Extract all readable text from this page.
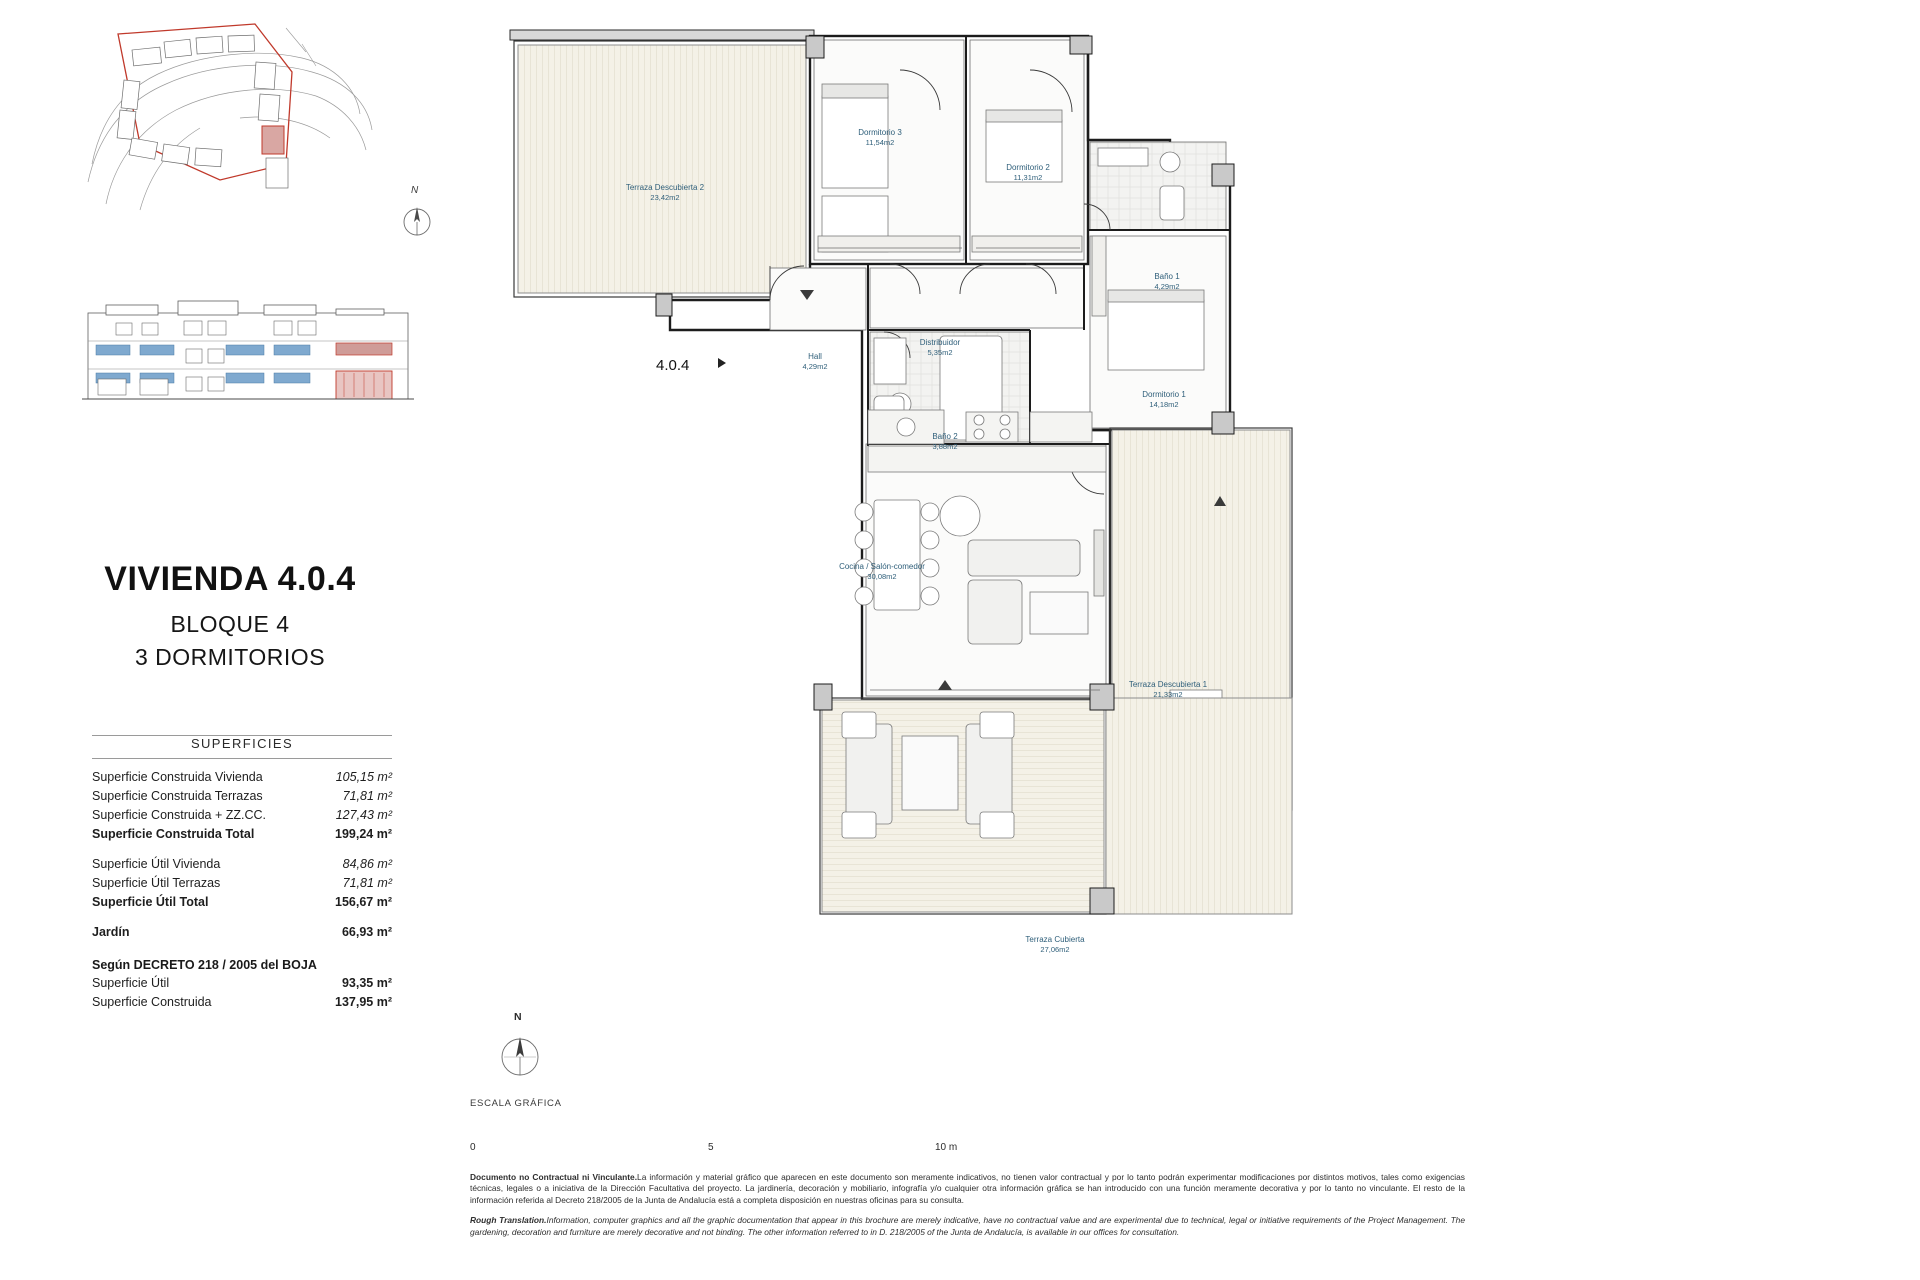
N
VIVIENDA 4.0.4
BLOQUE 4
3 DORMITORIOS
SUPERFICIES
Superficie Construida Vivienda	105,15 m²
Superficie Construida Terrazas	71,81 m²
Superficie Construida + ZZ.CC.	127,43 m²
Superficie Construida Total	199,24 m²
Superficie Útil Vivienda	84,86 m²
Superficie Útil Terrazas	71,81 m²
Superficie Útil Total	156,67 m²
Jardín	66,93 m²
Según DECRETO 218 / 2005 del BOJA
Superficie Útil	93,35 m²
Superficie Construida	137,95 m²
Terraza Descubierta 2
23,42m2
Dormitorio 3
11,54m2
Dormitorio 2
11,31m2
Baño 1
4,29m2
Distribuidor
5,35m2
Hall
4,29m2
Dormitorio 1
14,18m2
Baño 2
3,88m2
Cocina / Salón-comedor
30,08m2
Terraza Descubierta 1
21,33m2
Terraza Cubierta
27,06m2
4.0.4
N
ESCALA GRÁFICA
0	5	10 m

Documento no Contractual ni Vinculante.La información y material gráfico que aparecen en este documento son meramente indicativos, no tienen valor contractual y por lo tanto podrán experimentar modificaciones por distintos motivos, tales como exigencias técnicas, legales o a iniciativa de la Dirección Facultativa del proyecto. La jardinería, decoración y mobiliario, infografía y/o cualquier otra información gráfica se han introducido con una función meramente decorativa y por lo tanto no vinculante. El resto de la información referida al Decreto 218/2005 de la Junta de Andalucía está a completa disposición en nuestras oficinas para su consulta.

Rough Translation.Information, computer graphics and all the graphic documentation that appear in this brochure are merely indicative, have no contractual value and are experimental due to technical, legal or initiative requirements of the Project Management. The gardening, decoration and furniture are merely decorative and not binding. The other information referred to in D. 218/2005 of the Junta de Andalucía, is available in our offices for consultation.
